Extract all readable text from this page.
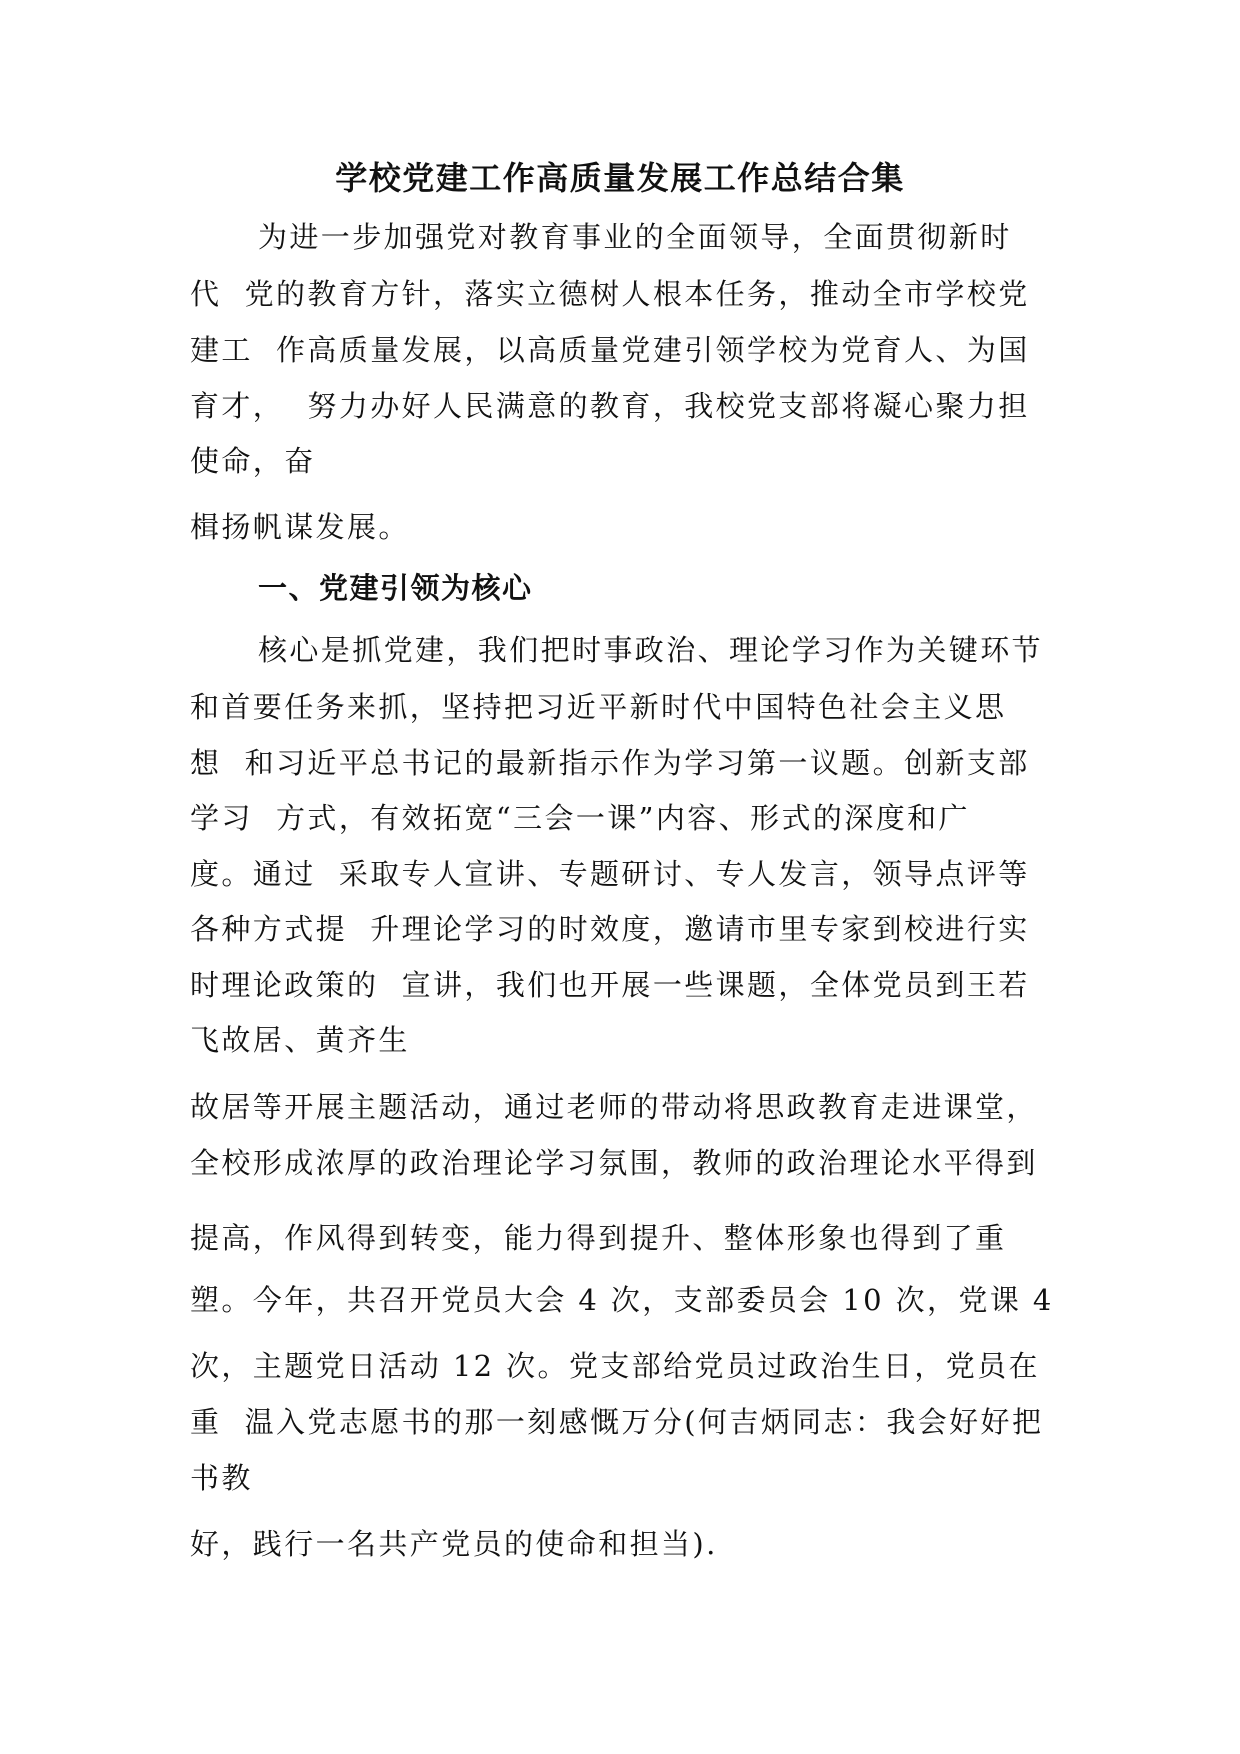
学校党建工作高质量发展工作总结合集
为进一步加强党对教育事业的全面领导，全面贯彻新时
代  党的教育方针，落实立德树人根本任务，推动全市学校党
建工  作高质量发展，以高质量党建引领学校为党育人、为国
育才，  努力办好人民满意的教育，我校党支部将凝心聚力担
使命，奋
楫扬帆谋发展。
一、党建引领为核心
核心是抓党建，我们把时事政治、理论学习作为关键环节
和首要任务来抓，坚持把习近平新时代中国特色社会主义思
想  和习近平总书记的最新指示作为学习第一议题。创新支部
学习  方式，有效拓宽“三会一课”内容、形式的深度和广
度。通过  采取专人宣讲、专题研讨、专人发言，领导点评等
各种方式提  升理论学习的时效度，邀请市里专家到校进行实
时理论政策的  宣讲，我们也开展一些课题，全体党员到王若
飞故居、黄齐生
故居等开展主题活动，通过老师的带动将思政教育走进课堂，
全校形成浓厚的政治理论学习氛围，教师的政治理论水平得到
提高，作风得到转变，能力得到提升、整体形象也得到了重
塑。今年，共召开党员大会 4 次，支部委员会 10 次，党课 4
次，主题党日活动 12 次。党支部给党员过政治生日，党员在
重  温入党志愿书的那一刻感慨万分(何吉炳同志：我会好好把
书教
好，践行一名共产党员的使命和担当).
